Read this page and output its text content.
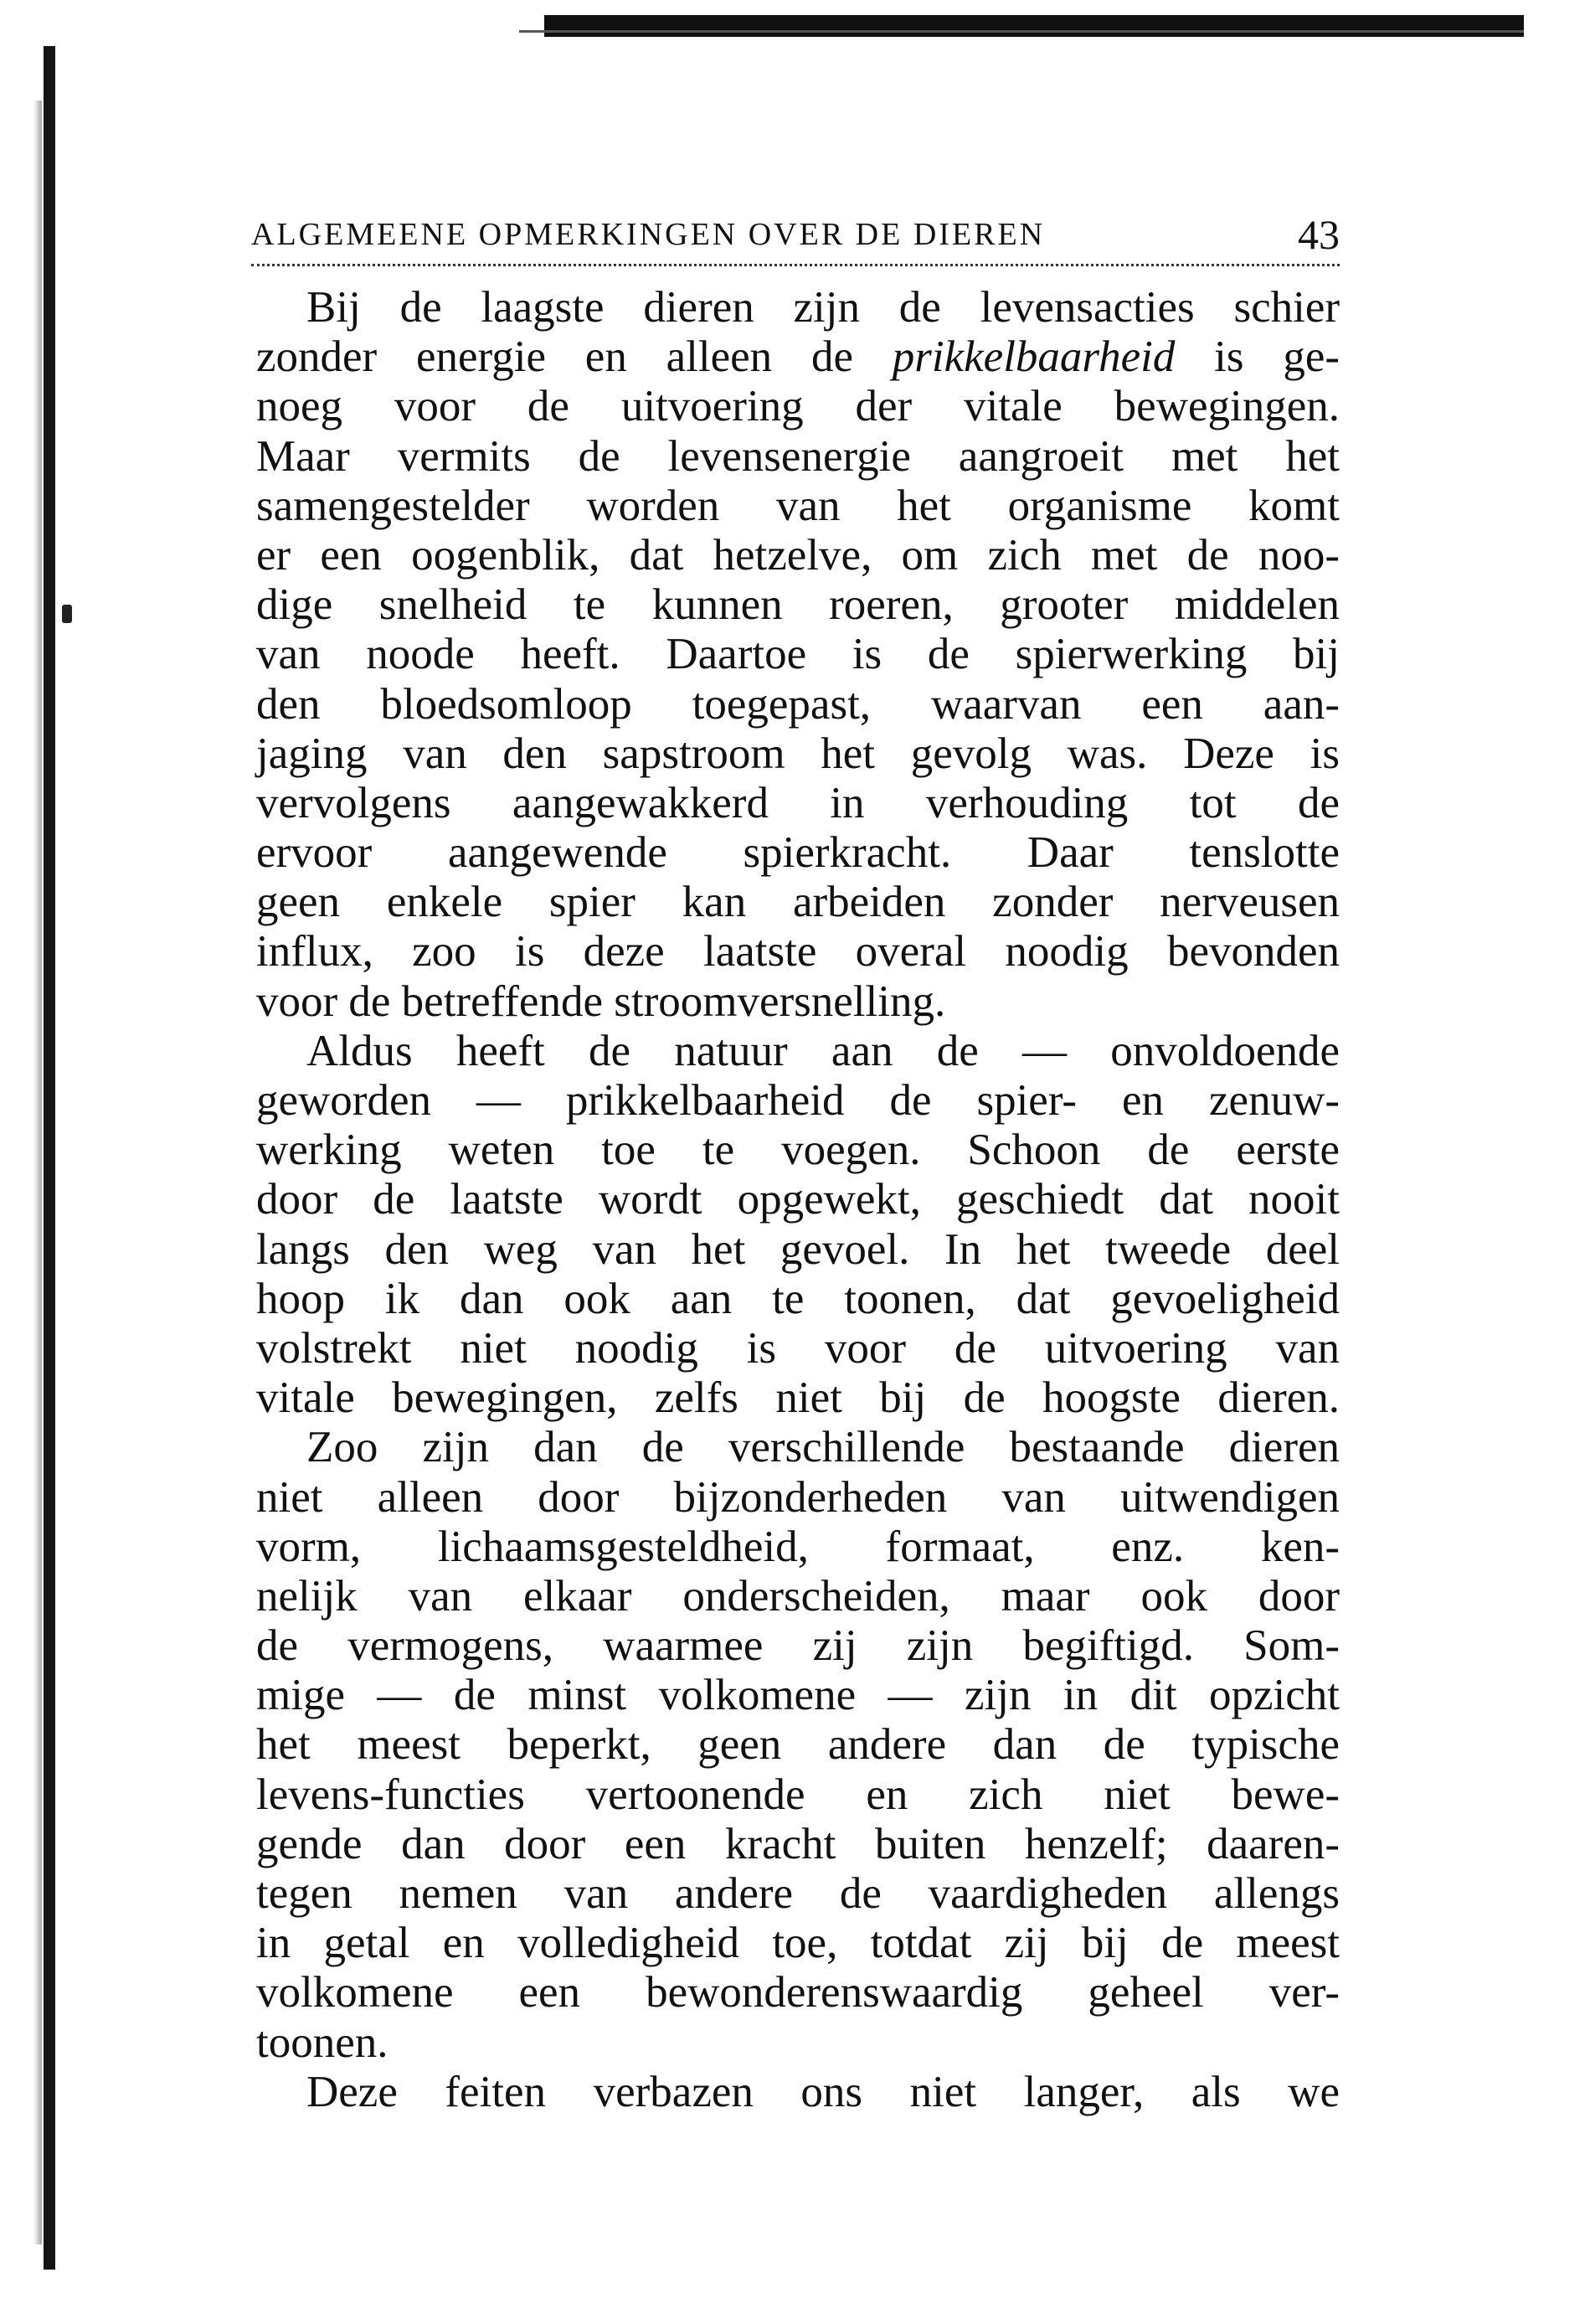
ALGEMEENE OPMERKINGEN OVER DE DIEREN	43
Bij de laagste dieren zijn de levensacties schier
zonder energie en alleen de prikkelbaarheid is ge-
noeg voor de uitvoering der vitale bewegingen.
Maar vermits de levensenergie aangroeit met het
samengestelder worden van het organisme komt
er een oogenblik, dat hetzelve, om zich met de noo-
dige snelheid te kunnen roeren, grooter middelen
van noode heeft. Daartoe is de spierwerking bij
den bloedsomloop toegepast, waarvan een aan-
jaging van den sapstroom het gevolg was. Deze is
vervolgens aangewakkerd in verhouding tot de
ervoor aangewende spierkracht. Daar tenslotte
geen enkele spier kan arbeiden zonder nerveusen
influx, zoo is deze laatste overal noodig bevonden
voor de betreffende stroomversnelling.
Aldus heeft de natuur aan de — onvoldoende
geworden — prikkelbaarheid de spier- en zenuw-
werking weten toe te voegen. Schoon de eerste
door de laatste wordt opgewekt, geschiedt dat nooit
langs den weg van het gevoel. In het tweede deel
hoop ik dan ook aan te toonen, dat gevoeligheid
volstrekt niet noodig is voor de uitvoering van
vitale bewegingen, zelfs niet bij de hoogste dieren.
Zoo zijn dan de verschillende bestaande dieren
niet alleen door bijzonderheden van uitwendigen
vorm, lichaamsgesteldheid, formaat, enz. ken-
nelijk van elkaar onderscheiden, maar ook door
de vermogens, waarmee zij zijn begiftigd. Som-
mige — de minst volkomene — zijn in dit opzicht
het meest beperkt, geen andere dan de typische
levens-functies vertoonende en zich niet bewe-
gende dan door een kracht buiten henzelf; daaren-
tegen nemen van andere de vaardigheden allengs
in getal en volledigheid toe, totdat zij bij de meest
volkomene een bewonderenswaardig geheel ver-
toonen.
Deze feiten verbazen ons niet langer, als we
